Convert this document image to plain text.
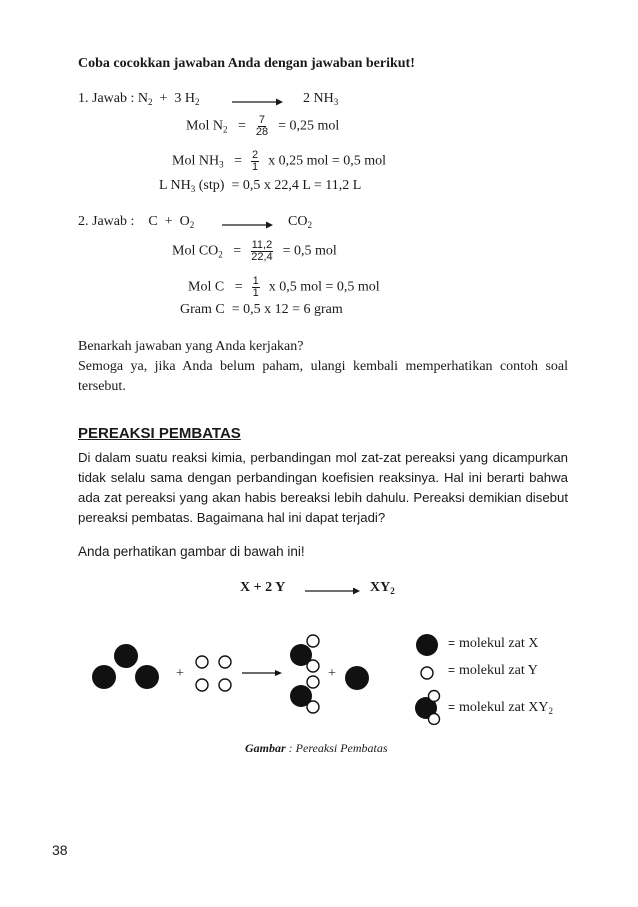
Coba cocokkan jawaban Anda dengan jawaban berikut!
1. Jawab : $N_2 + 3$ $H_2 \to 2$ $NH_3$
Mol $N_2 = \frac{7}{28} = 0,25$ mol
Mol $NH_3 = \frac{2}{1}$ x 0,25 mol = 0,5 mol
L $NH_3$ (stp) = 0,5 x 22,4 L = 11,2 L
2. Jawab : $C + O_2 \to CO_2$
Mol $CO_2 = \frac{11,2}{22,4} = 0,5$ mol
Mol $C = \frac{1}{1}$ x 0,5 mol = 0,5 mol
Gram C = 0,5 x 12 = 6 gram
Benarkah jawaban yang Anda kerjakan?
Semoga ya, jika Anda belum paham, ulangi kembali memperhatikan contoh soal tersebut.
PEREAKSI PEMBATAS
Di dalam suatu reaksi kimia, perbandingan mol zat-zat pereaksi yang dicampurkan tidak selalu sama dengan perbandingan koefisien reaksinya. Hal ini berarti bahwa ada zat pereaksi yang akan habis bereaksi lebih dahulu. Pereaksi demikian disebut pereaksi pembatas. Bagaimana hal ini dapat terjadi?
Anda perhatikan gambar di bawah ini!
X + 2 Y	$XY_2$
+	+
= molekul zat X
= molekul zat Y
= molekul zat $XY_2$
Gambar : Pereaksi Pembatas
38
